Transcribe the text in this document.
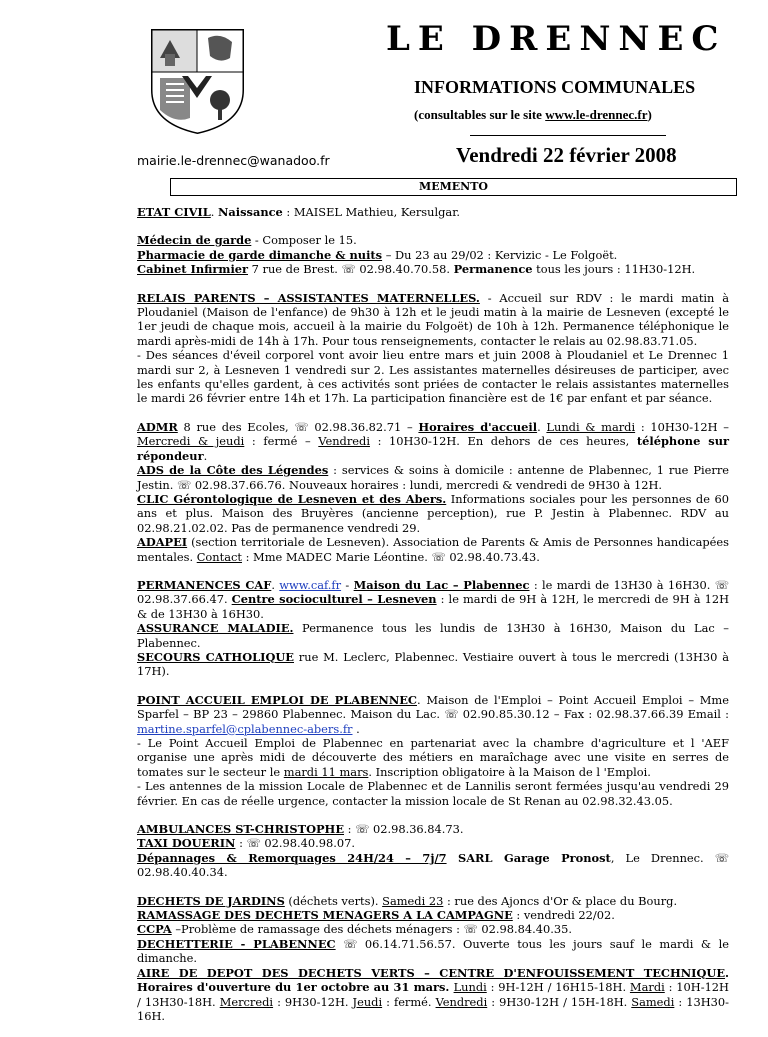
LE DRENNEC
INFORMATIONS COMMUNALES
(consultables sur le site www.le-drennec.fr)
mairie.le-drennec@wanadoo.fr	Vendredi 22 février 2008
MEMENTO

ETAT CIVIL. Naissance : MAISEL Mathieu, Kersulgar.

Médecin de garde - Composer le 15.
Pharmacie de garde dimanche & nuits – Du 23 au 29/02 : Kervizic - Le Folgoët.
Cabinet Infirmier 7 rue de Brest. ☏ 02.98.40.70.58. Permanence tous les jours : 11H30-12H.

RELAIS PARENTS – ASSISTANTES MATERNELLES. - Accueil sur RDV : le mardi matin à Ploudaniel (Maison de l'enfance) de 9h30 à 12h et le jeudi matin à la mairie de Lesneven (excepté le 1er jeudi de chaque mois, accueil à la mairie du Folgoët) de 10h à 12h. Permanence téléphonique le mardi après-midi de 14h à 17h. Pour tous renseignements, contacter le relais au 02.98.83.71.05.
- Des séances d'éveil corporel vont avoir lieu entre mars et juin 2008 à Ploudaniel et Le Drennec 1 mardi sur 2, à Lesneven 1 vendredi sur 2. Les assistantes maternelles désireuses de participer, avec les enfants qu'elles gardent, à ces activités sont priées de contacter le relais assistantes maternelles le mardi 26 février entre 14h et 17h. La participation financière est de 1€ par enfant et par séance.

ADMR 8 rue des Ecoles, ☏ 02.98.36.82.71 – Horaires d'accueil. Lundi & mardi : 10H30-12H – Mercredi & jeudi : fermé – Vendredi : 10H30-12H. En dehors de ces heures, téléphone sur répondeur.
ADS de la Côte des Légendes : services & soins à domicile : antenne de Plabennec, 1 rue Pierre Jestin. ☏ 02.98.37.66.76. Nouveaux horaires : lundi, mercredi & vendredi de 9H30 à 12H.
CLIC Gérontologique de Lesneven et des Abers. Informations sociales pour les personnes de 60 ans et plus. Maison des Bruyères (ancienne perception), rue P. Jestin à Plabennec. RDV au 02.98.21.02.02. Pas de permanence vendredi 29.
ADAPEI (section territoriale de Lesneven). Association de Parents & Amis de Personnes handicapées mentales. Contact : Mme MADEC Marie Léontine. ☏ 02.98.40.73.43.

PERMANENCES CAF. www.caf.fr - Maison du Lac – Plabennec : le mardi de 13H30 à 16H30. ☏ 02.98.37.66.47. Centre socioculturel – Lesneven : le mardi de 9H à 12H, le mercredi de 9H à 12H & de 13H30 à 16H30.
ASSURANCE MALADIE. Permanence tous les lundis de 13H30 à 16H30, Maison du Lac – Plabennec.
SECOURS CATHOLIQUE rue M. Leclerc, Plabennec. Vestiaire ouvert à tous le mercredi (13H30 à 17H).

POINT ACCUEIL EMPLOI DE PLABENNEC. Maison de l'Emploi – Point Accueil Emploi – Mme Sparfel – BP 23 – 29860 Plabennec. Maison du Lac. ☏ 02.90.85.30.12 – Fax : 02.98.37.66.39 Email : martine.sparfel@cplabennec-abers.fr .
- Le Point Accueil Emploi de Plabennec en partenariat avec la chambre d'agriculture et l 'AEF organise une après midi de découverte des métiers en maraîchage avec une visite en serres de tomates sur le secteur le mardi 11 mars. Inscription obligatoire à la Maison de l 'Emploi.
- Les antennes de la mission Locale de Plabennec et de Lannilis seront fermées jusqu'au vendredi 29 février. En cas de réelle urgence, contacter la mission locale de St Renan au 02.98.32.43.05.

AMBULANCES ST-CHRISTOPHE : ☏ 02.98.36.84.73.
TAXI DOUERIN : ☏ 02.98.40.98.07.
Dépannages & Remorquages 24H/24 – 7j/7 SARL Garage Pronost, Le Drennec. ☏ 02.98.40.40.34.

DECHETS DE JARDINS (déchets verts). Samedi 23 : rue des Ajoncs d'Or & place du Bourg.
RAMASSAGE DES DECHETS MENAGERS A LA CAMPAGNE : vendredi 22/02.
CCPA –Problème de ramassage des déchets ménagers : ☏ 02.98.84.40.35.
DECHETTERIE - PLABENNEC ☏ 06.14.71.56.57. Ouverte tous les jours sauf le mardi & le dimanche.
AIRE DE DEPOT DES DECHETS VERTS – CENTRE D'ENFOUISSEMENT TECHNIQUE. Horaires d'ouverture du 1er octobre au 31 mars. Lundi : 9H-12H / 16H15-18H. Mardi : 10H-12H / 13H30-18H. Mercredi : 9H30-12H. Jeudi : fermé. Vendredi : 9H30-12H / 15H-18H. Samedi : 13H30-16H.
